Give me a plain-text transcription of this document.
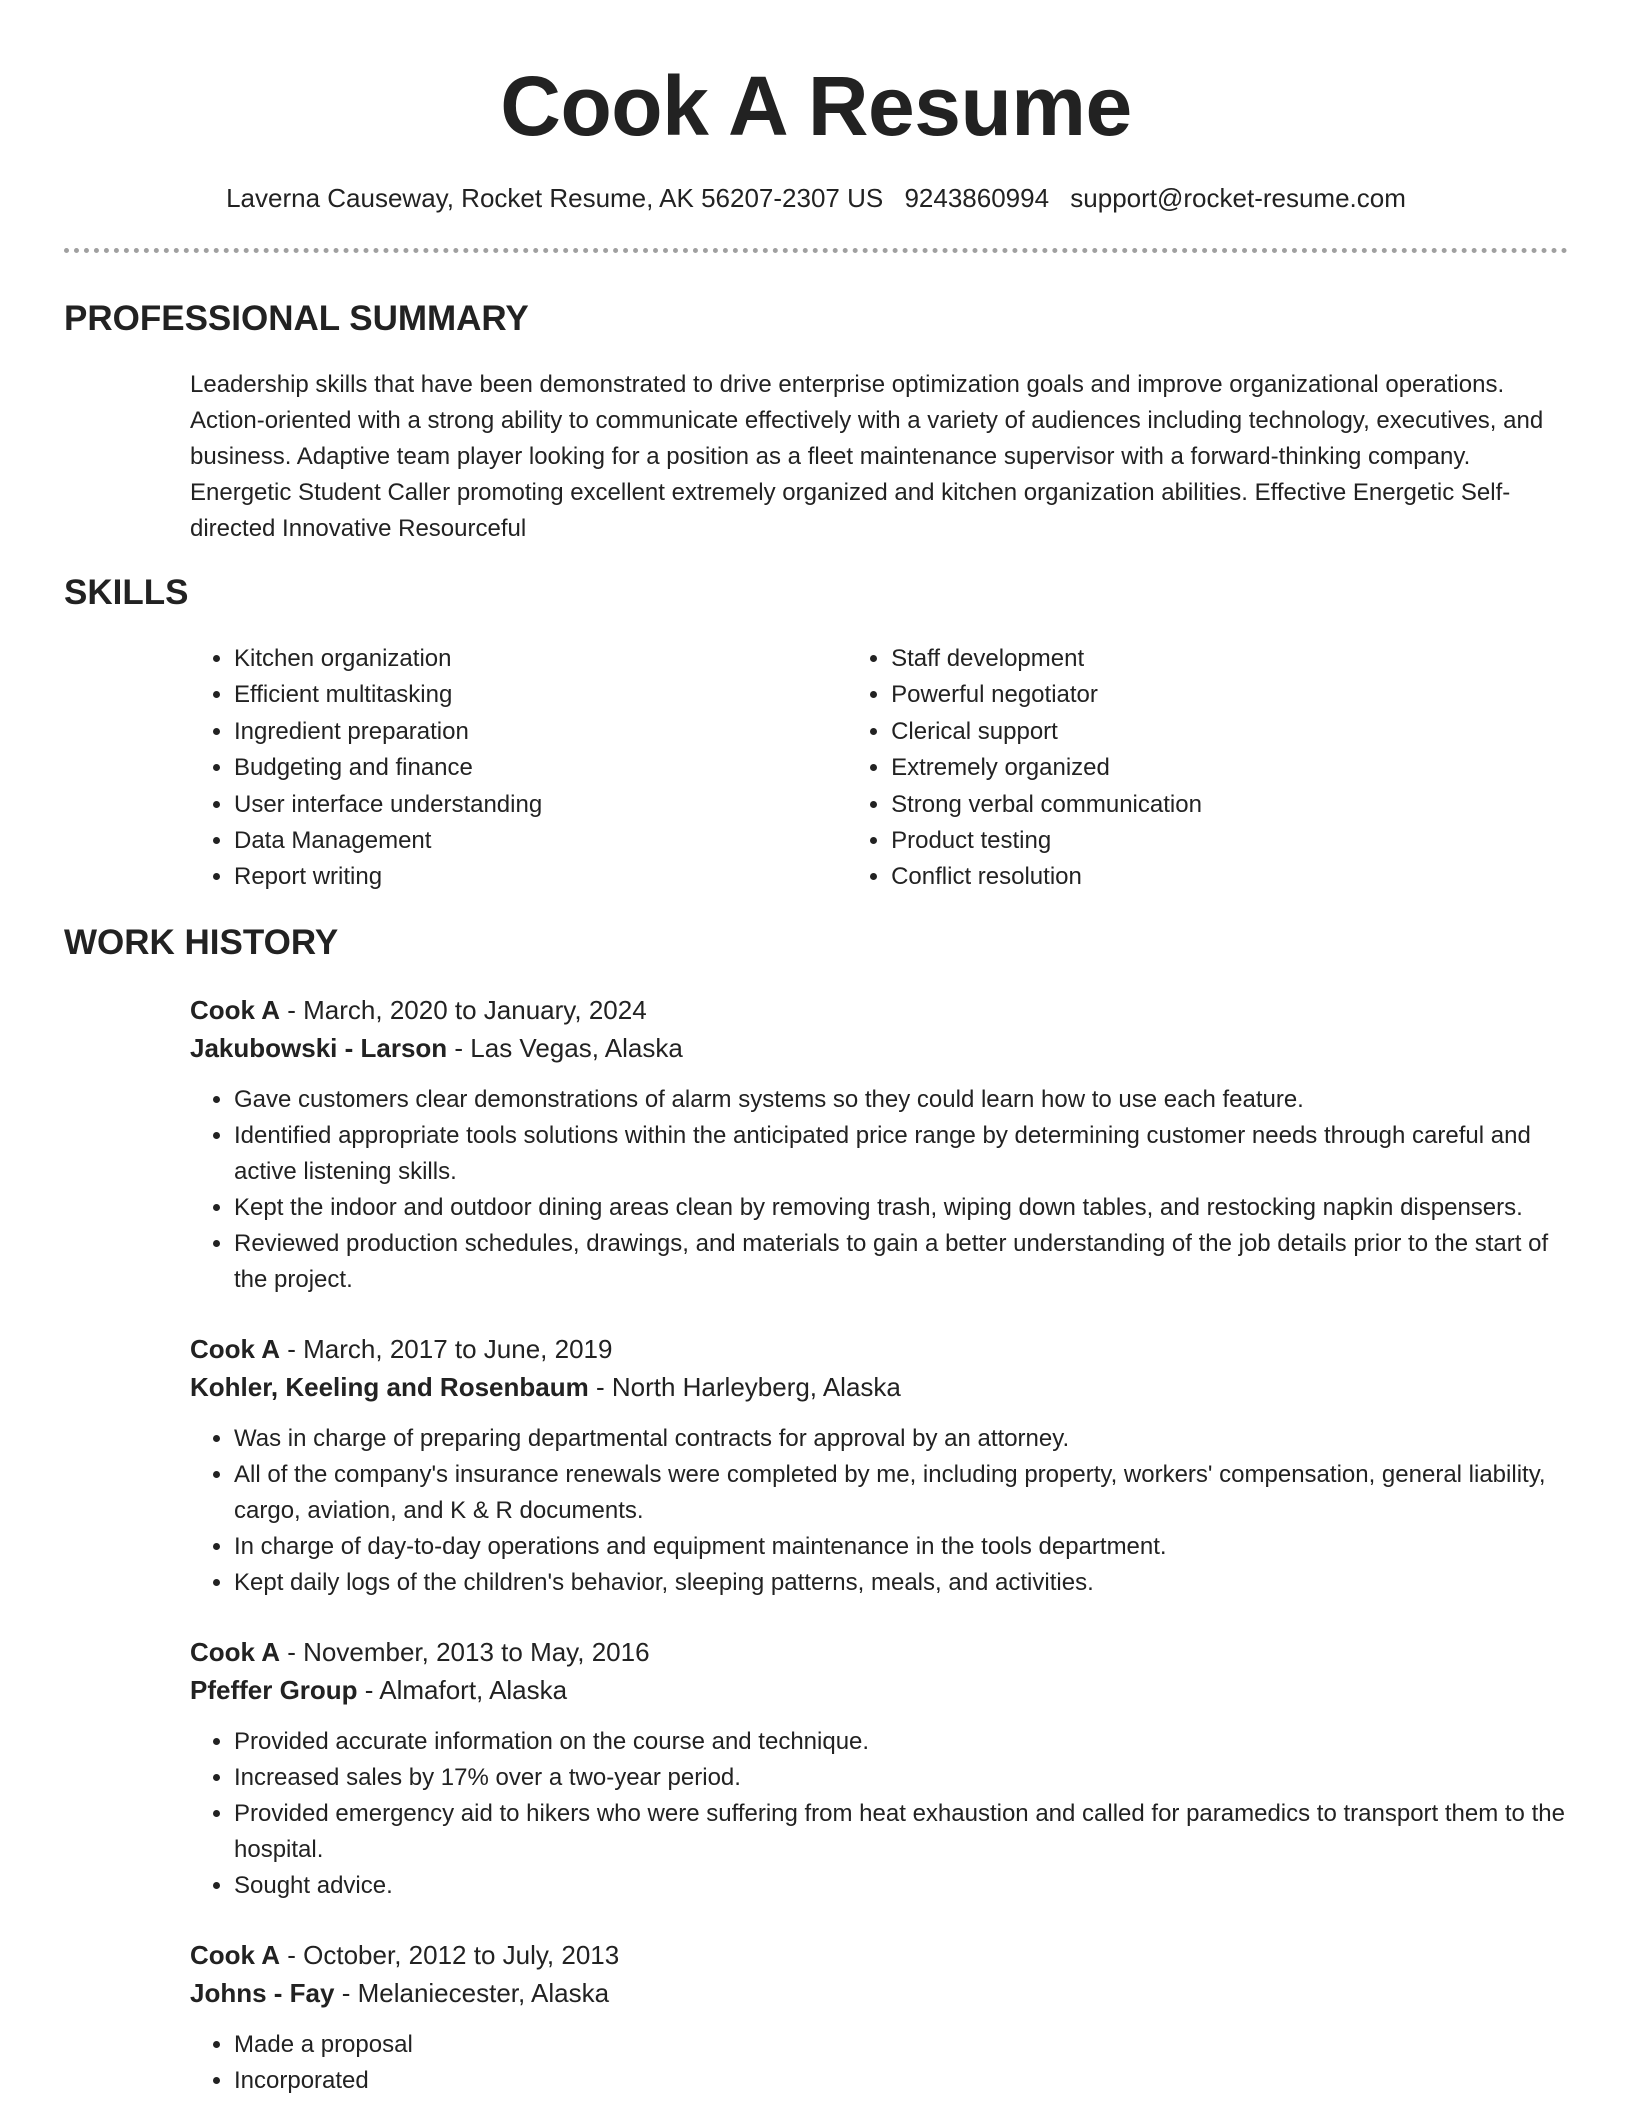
Cook A Resume
Laverna Causeway, Rocket Resume, AK 56207-2307 US 9243860994 support@rocket-resume.com
PROFESSIONAL SUMMARY

Leadership skills that have been demonstrated to drive enterprise optimization goals and improve organizational operations. Action-oriented with a strong ability to communicate effectively with a variety of audiences including technology, executives, and business. Adaptive team player looking for a position as a fleet maintenance supervisor with a forward-thinking company. Energetic Student Caller promoting excellent extremely organized and kitchen organization abilities. Effective Energetic Self-directed Innovative Resourceful

SKILLS
• Kitchen organization
• Efficient multitasking
• Ingredient preparation
• Budgeting and finance
• User interface understanding
• Data Management
• Report writing
• Staff development
• Powerful negotiator
• Clerical support
• Extremely organized
• Strong verbal communication
• Product testing
• Conflict resolution
WORK HISTORY
Cook A - March, 2020 to January, 2024
Jakubowski - Larson - Las Vegas, Alaska
• Gave customers clear demonstrations of alarm systems so they could learn how to use each feature.
• Identified appropriate tools solutions within the anticipated price range by determining customer needs through careful and active listening skills.
• Kept the indoor and outdoor dining areas clean by removing trash, wiping down tables, and restocking napkin dispensers.
• Reviewed production schedules, drawings, and materials to gain a better understanding of the job details prior to the start of the project.
Cook A - March, 2017 to June, 2019
Kohler, Keeling and Rosenbaum - North Harleyberg, Alaska
• Was in charge of preparing departmental contracts for approval by an attorney.
• All of the company's insurance renewals were completed by me, including property, workers' compensation, general liability, cargo, aviation, and K & R documents.
• In charge of day-to-day operations and equipment maintenance in the tools department.
• Kept daily logs of the children's behavior, sleeping patterns, meals, and activities.
Cook A - November, 2013 to May, 2016
Pfeffer Group - Almafort, Alaska
• Provided accurate information on the course and technique.
• Increased sales by 17% over a two-year period.
• Provided emergency aid to hikers who were suffering from heat exhaustion and called for paramedics to transport them to the hospital.
• Sought advice.
Cook A - October, 2012 to July, 2013
Johns - Fay - Melaniecester, Alaska
• Made a proposal
• Incorporated
